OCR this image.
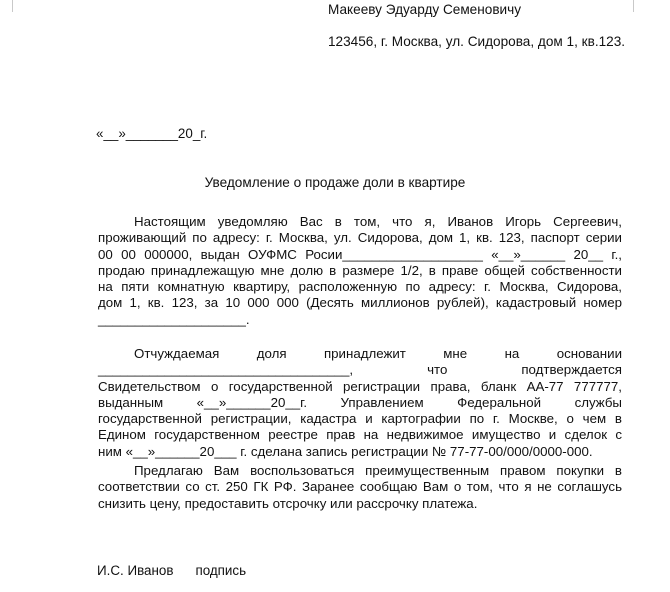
Макееву Эдуарду Семеновичу
123456, г. Москва, ул. Сидорова, дом 1, кв.123.
«__»_______20_г.
Уведомление о продаже доли в квартире
Настоящим уведомляю Вас в том, что я, Иванов Игорь Сергеевич,
проживающий по адресу: г. Москва, ул. Сидорова, дом 1, кв. 123, паспорт серии
00 00 000000, выдан ОУФМС Росии___________________ «__»______ 20__ г.,
продаю принадлежащую мне долю в размере 1/2, в праве общей собственности
на пяти комнатную квартиру, расположенную по адресу: г. Москва, Сидорова,
дом 1, кв. 123, за 10 000 000 (Десять миллионов рублей), кадастровый номер
____________________.
Отчуждаемая доля принадлежит мне на основании
__________________________________, что подтверждается
Свидетельством о государственной регистрации права, бланк АА-77 777777,
выданным «__»______20__г. Управлением Федеральной службы
государственной регистрации, кадастра и картографии по г. Москве, о чем в
Едином государственном реестре прав на недвижимое имущество и сделок с
ним «__»______20___ г. сделана запись регистрации № 77-77-00/000/0000-000.
Предлагаю Вам воспользоваться преимущественным правом покупки в
соответствии со ст. 250 ГК РФ. Заранее сообщаю Вам о том, что я не соглашусь
снизить цену, предоставить отсрочку или рассрочку платежа.
И.С. Иванов подпись
